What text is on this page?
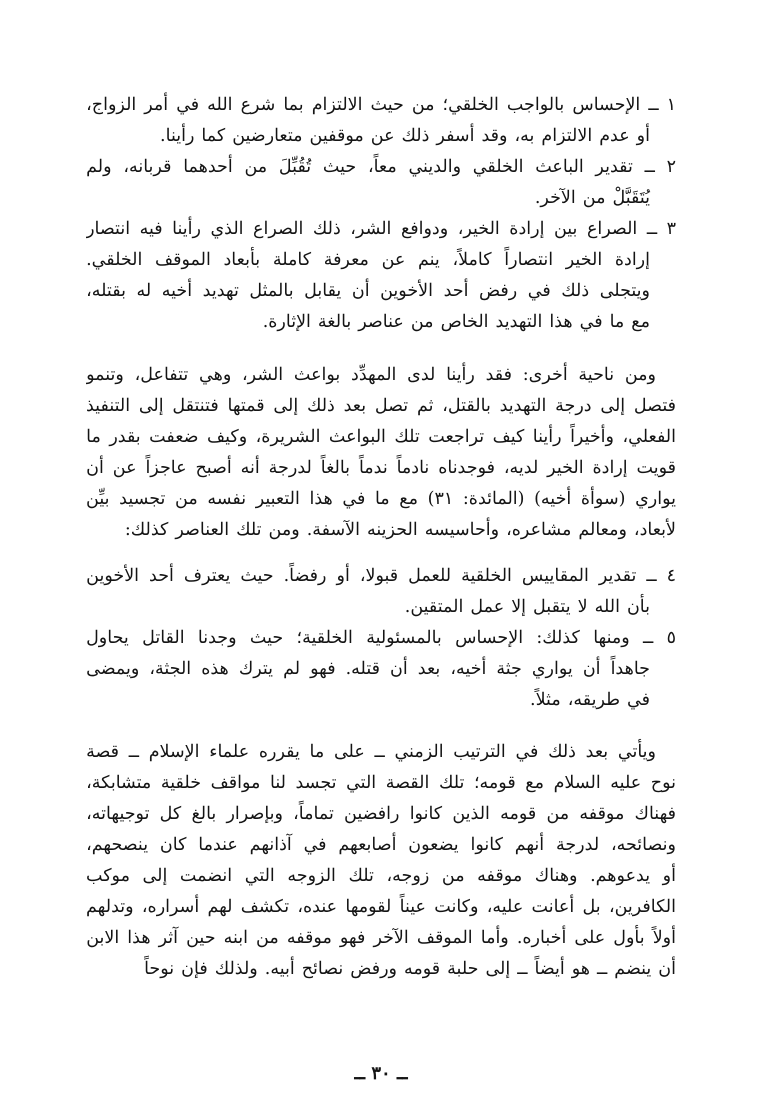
١
ــ
الإحساس
بالواجب
الخلقي؛
من
حيث
الالتزام
بما
شرع
الله
في
أمر
الزواج،
أو
عدم
الالتزام
به،
وقد
أسفر
ذلك
عن
موقفين
متعارضين
كما
رأينا.
٢
ــ
تقدير
الباعث
الخلقي
والديني
معاً،
حيث
تُقُبِّلَ
من
أحدهما
قربانه،
ولم
يُتَقَبَّلْ
من
الآخر.
٣
ــ
الصراع
بين
إرادة
الخير،
ودوافع
الشر،
ذلك
الصراع
الذي
رأينا
فيه
انتصار
إرادة
الخير
انتصاراً
كاملاً،
ينم
عن
معرفة
كاملة
بأبعاد
الموقف
الخلقي.
ويتجلى
ذلك
في
رفض
أحد
الأخوين
أن
يقابل
بالمثل
تهديد
أخيه
له
بقتله،
مع
ما
في
هذا
التهديد
الخاص
من
عناصر
بالغة
الإثارة.
ومن
ناحية
أخرى:
فقد
رأينا
لدى
المهدِّد
بواعث
الشر،
وهي
تتفاعل،
وتنمو
فتصل
إلى
درجة
التهديد
بالقتل،
ثم
تصل
بعد
ذلك
إلى
قمتها
فتنتقل
إلى
التنفيذ
الفعلي،
وأخيراً
رأينا
كيف
تراجعت
تلك
البواعث
الشريرة،
وكيف
ضعفت
بقدر
ما
قويت
إرادة
الخير
لديه،
فوجدناه
نادماً
ندماً
بالغاً
لدرجة
أنه
أصبح
عاجزاً
عن
أن
يواري
(سوأة
أخيه)
(المائدة:
٣١)
مع
ما
في
هذا
التعبير
نفسه
من
تجسيد
بيِّن
لأبعاد،
ومعالم
مشاعره،
وأحاسيسه
الحزينه
الآسفة.
ومن
تلك
العناصر
كذلك:
٤
ــ
تقدير
المقاييس
الخلقية
للعمل
قبولا،
أو
رفضاً.
حيث
يعترف
أحد
الأخوين
بأن
الله
لا
يتقبل
إلا
عمل
المتقين.
٥
ــ
ومنها
كذلك:
الإحساس
بالمسئولية
الخلقية؛
حيث
وجدنا
القاتل
يحاول
جاهداً
أن
يواري
جثة
أخيه،
بعد
أن
قتله.
فهو
لم
يترك
هذه
الجثة،
ويمضى
في
طريقه،
مثلاً.
ويأتي
بعد
ذلك
في
الترتيب
الزمني
ــ
على
ما
يقرره
علماء
الإسلام
ــ
قصة
نوح
عليه
السلام
مع
قومه؛
تلك
القصة
التي
تجسد
لنا
مواقف
خلقية
متشابكة،
فهناك
موقفه
من
قومه
الذين
كانوا
رافضين
تماماً،
وبإصرار
بالغ
كل
توجيهاته،
ونصائحه،
لدرجة
أنهم
كانوا
يضعون
أصابعهم
في
آذانهم
عندما
كان
ينصحهم،
أو
يدعوهم.
وهناك
موقفه
من
زوجه،
تلك
الزوجه
التي
انضمت
إلى
موكب
الكافرين،
بل
أعانت
عليه،
وكانت
عيناً
لقومها
عنده،
تكشف
لهم
أسراره،
وتدلهم
أولاً
بأول
على
أخباره.
وأما
الموقف
الآخر
فهو
موقفه
من
ابنه
حين
آثر
هذا
الابن
أن
ينضم
ــ
هو
أيضاً
ــ
إلى
حلبة
قومه
ورفض
نصائح
أبيه.
ولذلك
فإن
نوحاً
ــ ٣٠ ــ
